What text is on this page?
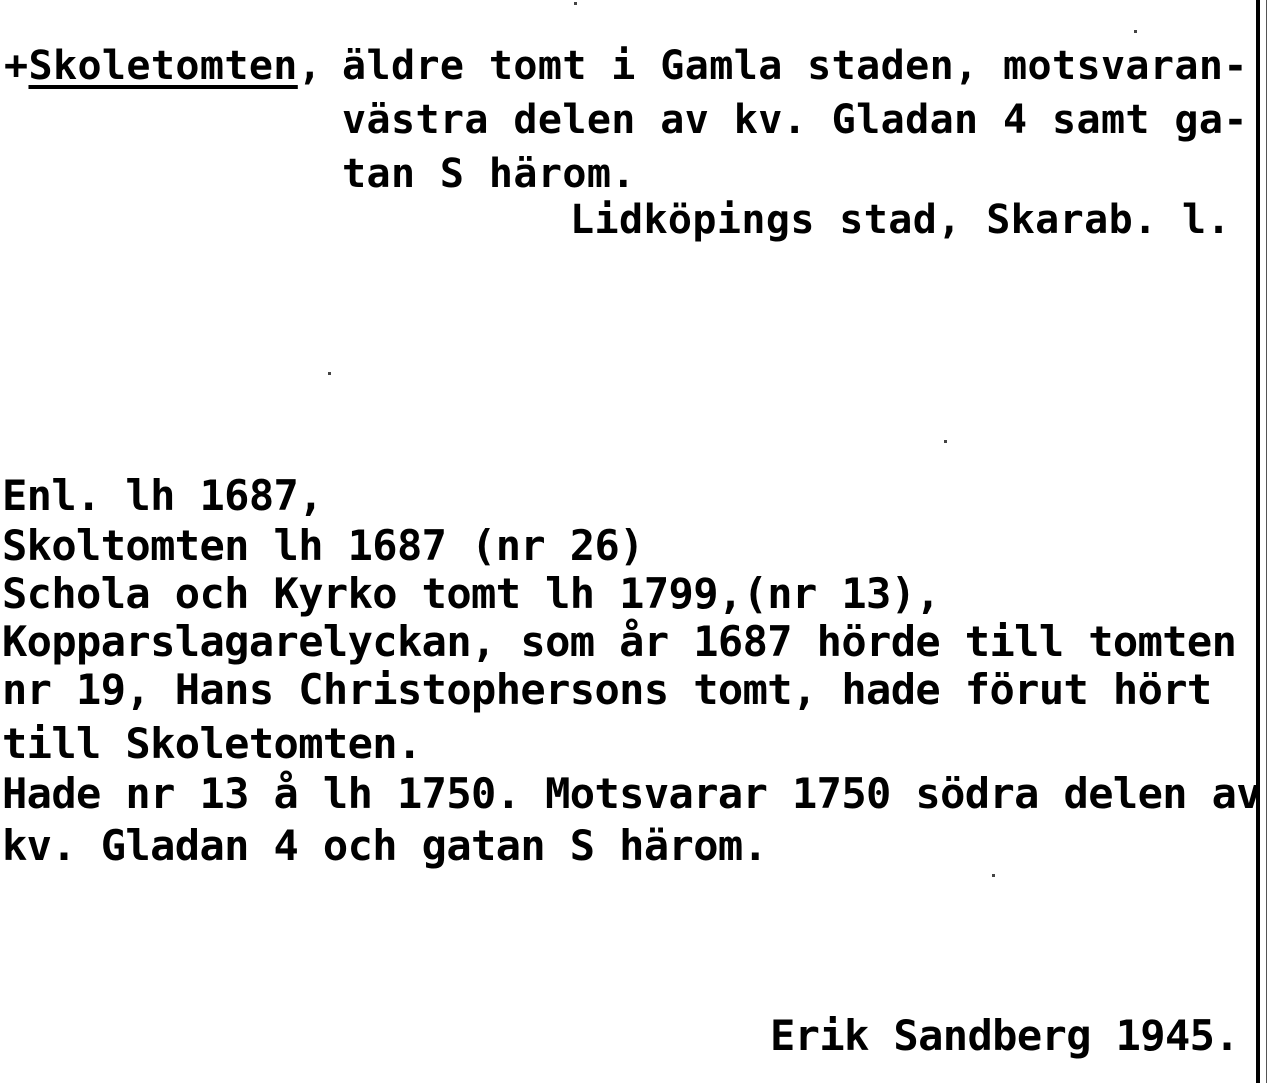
+Skoletomten, äldre tomt i Gamla staden, motsvaran-
västra delen av kv. Gladan 4 samt ga-
tan S härom.
Lidköpings stad, Skarab. l.
Enl. lh 1687,
Skoltomten lh 1687 (nr 26)
Schola och Kyrko tomt lh 1799,(nr 13),
Kopparslagarelyckan, som år 1687 hörde till tomten
nr 19, Hans Christophersons tomt, hade förut hört
till Skoletomten.
Hade nr 13 å lh 1750. Motsvarar 1750 södra delen av
kv. Gladan 4 och gatan S härom.
Erik Sandberg 1945.
